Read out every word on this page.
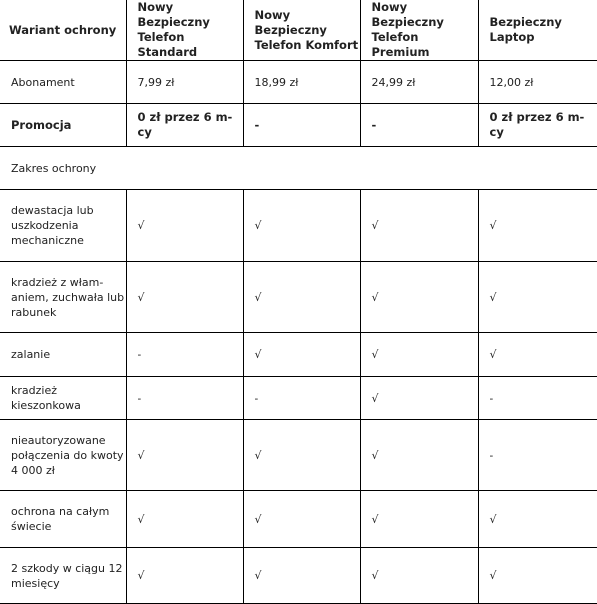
Wariant ochrony	Nowy Bezpieczny Telefon Standard	Nowy Bezpieczny Telefon Komfort	Nowy Bezpieczny Telefon Premium	Bezpieczny Laptop
Abonament	7,99 zł	18,99 zł	24,99 zł	12,00 zł
Promocja	0 zł przez 6 m-cy	-	-	0 zł przez 6 m-cy
Zakres ochrony				
dewastacja lub uszkodzenia mechaniczne	√	√	√	√
kradzież z włam-aniem, zuchwała lub rabunek	√	√	√	√
zalanie	-	√	√	√
kradzież kieszonkowa	-	-	√	-
nieautoryzowane połączenia do kwoty 4 000 zł	√	√	√	-
ochrona na całym świecie	√	√	√	√
2 szkody w ciągu 12 miesięcy	√	√	√	√
